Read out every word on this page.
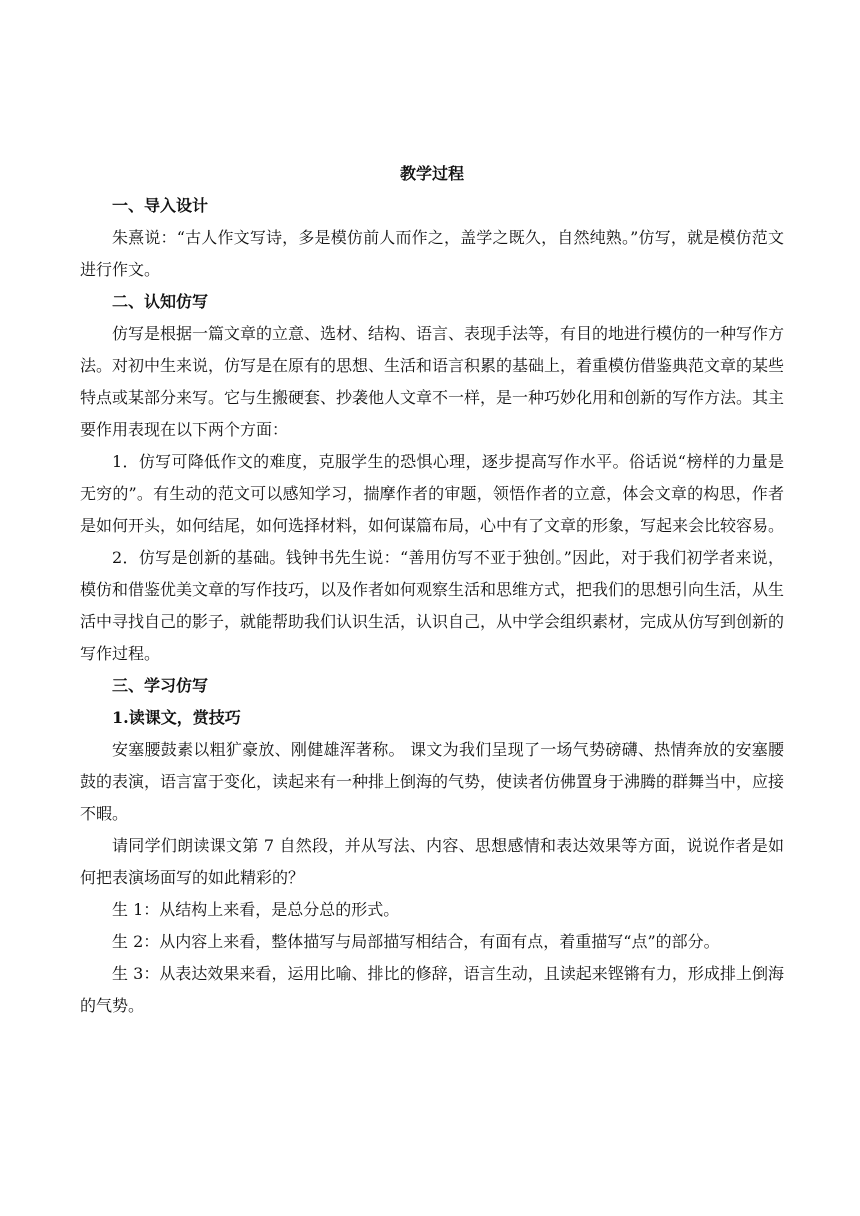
教学过程

一、导入设计

朱熹说：“古人作文写诗，多是模仿前人而作之，盖学之既久，自然纯熟。”仿写，就是模仿范文进行作文。

二、认知仿写

仿写是根据一篇文章的立意、选材、结构、语言、表现手法等，有目的地进行模仿的一种写作方法。对初中生来说，仿写是在原有的思想、生活和语言积累的基础上，着重模仿借鉴典范文章的某些特点或某部分来写。它与生搬硬套、抄袭他人文章不一样，是一种巧妙化用和创新的写作方法。其主要作用表现在以下两个方面：

1．仿写可降低作文的难度，克服学生的恐惧心理，逐步提高写作水平。俗话说“榜样的力量是无穷的”。有生动的范文可以感知学习，揣摩作者的审题，领悟作者的立意，体会文章的构思，作者是如何开头，如何结尾，如何选择材料，如何谋篇布局，心中有了文章的形象，写起来会比较容易。

2．仿写是创新的基础。钱钟书先生说：“善用仿写不亚于独创。”因此，对于我们初学者来说，模仿和借鉴优美文章的写作技巧，以及作者如何观察生活和思维方式，把我们的思想引向生活，从生活中寻找自己的影子，就能帮助我们认识生活，认识自己，从中学会组织素材，完成从仿写到创新的写作过程。

三、学习仿写

1.读课文，赏技巧

安塞腰鼓素以粗犷豪放、刚健雄浑著称。 课文为我们呈现了一场气势磅礴、热情奔放的安塞腰鼓的表演，语言富于变化，读起来有一种排上倒海的气势，使读者仿佛置身于沸腾的群舞当中，应接不暇。

请同学们朗读课文第 7 自然段，并从写法、内容、思想感情和表达效果等方面，说说作者是如何把表演场面写的如此精彩的？

生 1：从结构上来看，是总分总的形式。

生 2：从内容上来看，整体描写与局部描写相结合，有面有点，着重描写“点”的部分。

生 3：从表达效果来看，运用比喻、排比的修辞，语言生动，且读起来铿锵有力，形成排上倒海的气势。
